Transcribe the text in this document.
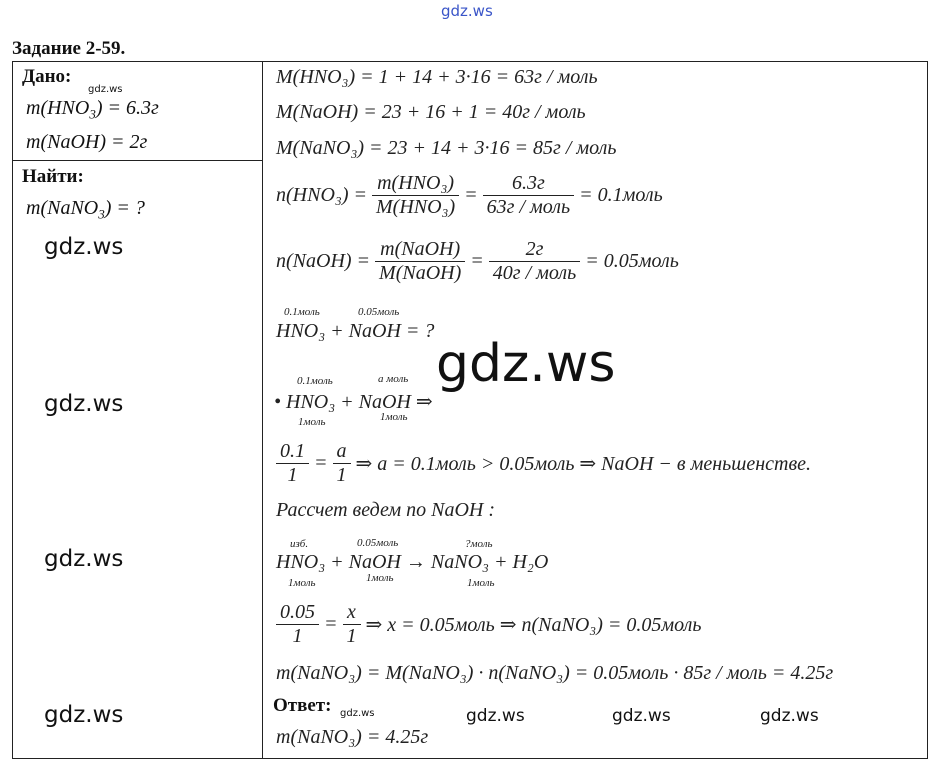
gdz.ws
Задание 2-59.
Дано:
gdz.ws
$m(HNO_3) = 6.3г$
m(NaOH) = 2г
Найти:
m(NaNO$_3$) = ?
gdz.ws
gdz.ws
gdz.ws
gdz.ws
M(HNO₃) = 1 + 14 + 3·16 = 63г / моль
M(NaOH) = 23 + 16 + 1 = 40г / моль
M(NaNO₃) = 23 + 14 + 3·16 = 85г / моль
$n(HNO_3) = \frac{\text{m(HNO₃)}}{\text{M(HNO₃)}} = \frac{6.3г}{\text{63г / моль}}$ = 0.1моль
n(NaOH) = $\frac{\text{m(NaOH)}}{\text{M(NaOH)}} = \frac{2г}{\text{40г / моль}}$ = 0.05моль
0.1моль	0.05моль
HNO₃ + NaOH = ?
gdz.ws
0.1моль	a моль
• HNO₃ + NaOH ⇒
1моль	1моль
$\frac{0.1}{1} = \frac{a}{1}$ ⇒ a = 0.1моль > 0.05моль ⇒ NaOH − в меньшенстве.
Рассчет ведем по NaOH :
изб.	0.05моль	?моль
HNO₃ + NaOH → NaNO₃ + H₂O
1моль	1моль	1моль
$\frac{0.05}{1} = \frac{x}{1}$ ⇒ x = 0.05моль ⇒ n(NaNO₃) = 0.05моль
m(NaNO₃) = M(NaNO₃) · n(NaNO₃) = 0.05моль · 85г / моль = 4.25г
Ответ: gdz.ws
m(NaNO₃) = 4.25г
gdz.ws	gdz.ws	gdz.ws
